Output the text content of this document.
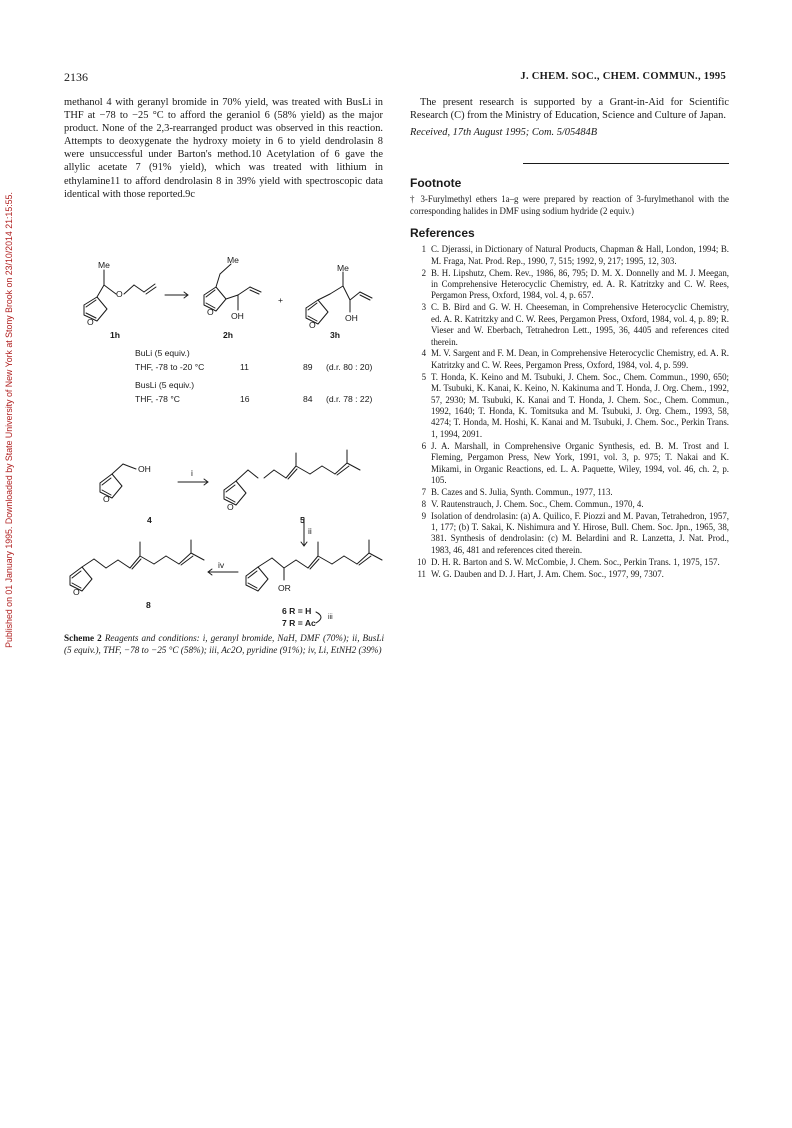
Published on 01 January 1995. Downloaded by State University of New York at Stony Brook on 23/10/2014 21:15:55.
2136	J. CHEM. SOC., CHEM. COMMUN., 1995

methanol 4 with geranyl bromide in 70% yield, was treated with BusLi in THF at −78 to −25 °C to afford the geraniol 6 (58% yield) as the major product. None of the 2,3-rearranged product was observed in this reaction. Attempts to deoxygenate the hydroxy moiety in 6 to yield dendrolasin 8 were unsuccessful under Barton's method.10 Acetylation of 6 gave the allylic acetate 7 (91% yield), which was treated with lithium in ethylamine11 to afford dendrolasin 8 in 39% yield with spectroscopic data identical with those reported.9c

Me
O
O
1h
Me
O OH
2h
+
Me
O
OH
3h
BuLi (5 equiv.)
THF, -78 to -20 °C	11	89 (d.r. 80 : 20)
BusLi (5 equiv.)
THF, -78 °C	16	84 (d.r. 78 : 22)
OH
O
4
i
O
5
ii
O
8
iv
OR
6 R = H
7 R = Ac
iii
Scheme 2 Reagents and conditions: i, geranyl bromide, NaH, DMF (70%); ii, BusLi (5 equiv.), THF, −78 to −25 °C (58%); iii, Ac2O, pyridine (91%); iv, Li, EtNH2 (39%)

The present research is supported by a Grant-in-Aid for Scientific Research (C) from the Ministry of Education, Science and Culture of Japan.

Received, 17th August 1995; Com. 5/05484B

Footnote

† 3-Furylmethyl ethers 1a–g were prepared by reaction of 3-furylmethanol with the corresponding halides in DMF using sodium hydride (2 equiv.)

References
1 C. Djerassi, in Dictionary of Natural Products, Chapman & Hall, London, 1994; B. M. Fraga, Nat. Prod. Rep., 1990, 7, 515; 1992, 9, 217; 1995, 12, 303.
2 B. H. Lipshutz, Chem. Rev., 1986, 86, 795; D. M. X. Donnelly and M. J. Meegan, in Comprehensive Heterocyclic Chemistry, ed. A. R. Katritzky and C. W. Rees, Pergamon Press, Oxford, 1984, vol. 4, p. 657.
3 C. B. Bird and G. W. H. Cheeseman, in Comprehensive Heterocyclic Chemistry, ed. A. R. Katritzky and C. W. Rees, Pergamon Press, Oxford, 1984, vol. 4, p. 89; R. Vieser and W. Eberbach, Tetrahedron Lett., 1995, 36, 4405 and references cited therein.
4 M. V. Sargent and F. M. Dean, in Comprehensive Heterocyclic Chemistry, ed. A. R. Katritzky and C. W. Rees, Pergamon Press, Oxford, 1984, vol. 4, p. 599.
5 T. Honda, K. Keino and M. Tsubuki, J. Chem. Soc., Chem. Commun., 1990, 650; M. Tsubuki, K. Kanai, K. Keino, N. Kakinuma and T. Honda, J. Org. Chem., 1992, 57, 2930; M. Tsubuki, K. Kanai and T. Honda, J. Chem. Soc., Chem. Commun., 1992, 1640; T. Honda, K. Tomitsuka and M. Tsubuki, J. Org. Chem., 1993, 58, 4274; T. Honda, M. Hoshi, K. Kanai and M. Tsubuki, J. Chem. Soc., Perkin Trans. 1, 1994, 2091.
6 J. A. Marshall, in Comprehensive Organic Synthesis, ed. B. M. Trost and I. Fleming, Pergamon Press, New York, 1991, vol. 3, p. 975; T. Nakai and K. Mikami, in Organic Reactions, ed. L. A. Paquette, Wiley, 1994, vol. 46, ch. 2, p. 105.
7 B. Cazes and S. Julia, Synth. Commun., 1977, 113.
8 V. Rautenstrauch, J. Chem. Soc., Chem. Commun., 1970, 4.
9 Isolation of dendrolasin: (a) A. Quilico, F. Piozzi and M. Pavan, Tetrahedron, 1957, 1, 177; (b) T. Sakai, K. Nishimura and Y. Hirose, Bull. Chem. Soc. Jpn., 1965, 38, 381. Synthesis of dendrolasin: (c) M. Belardini and R. Lanzetta, J. Nat. Prod., 1983, 46, 481 and references cited therein.
10 D. H. R. Barton and S. W. McCombie, J. Chem. Soc., Perkin Trans. 1, 1975, 157.
11 W. G. Dauben and D. J. Hart, J. Am. Chem. Soc., 1977, 99, 7307.
